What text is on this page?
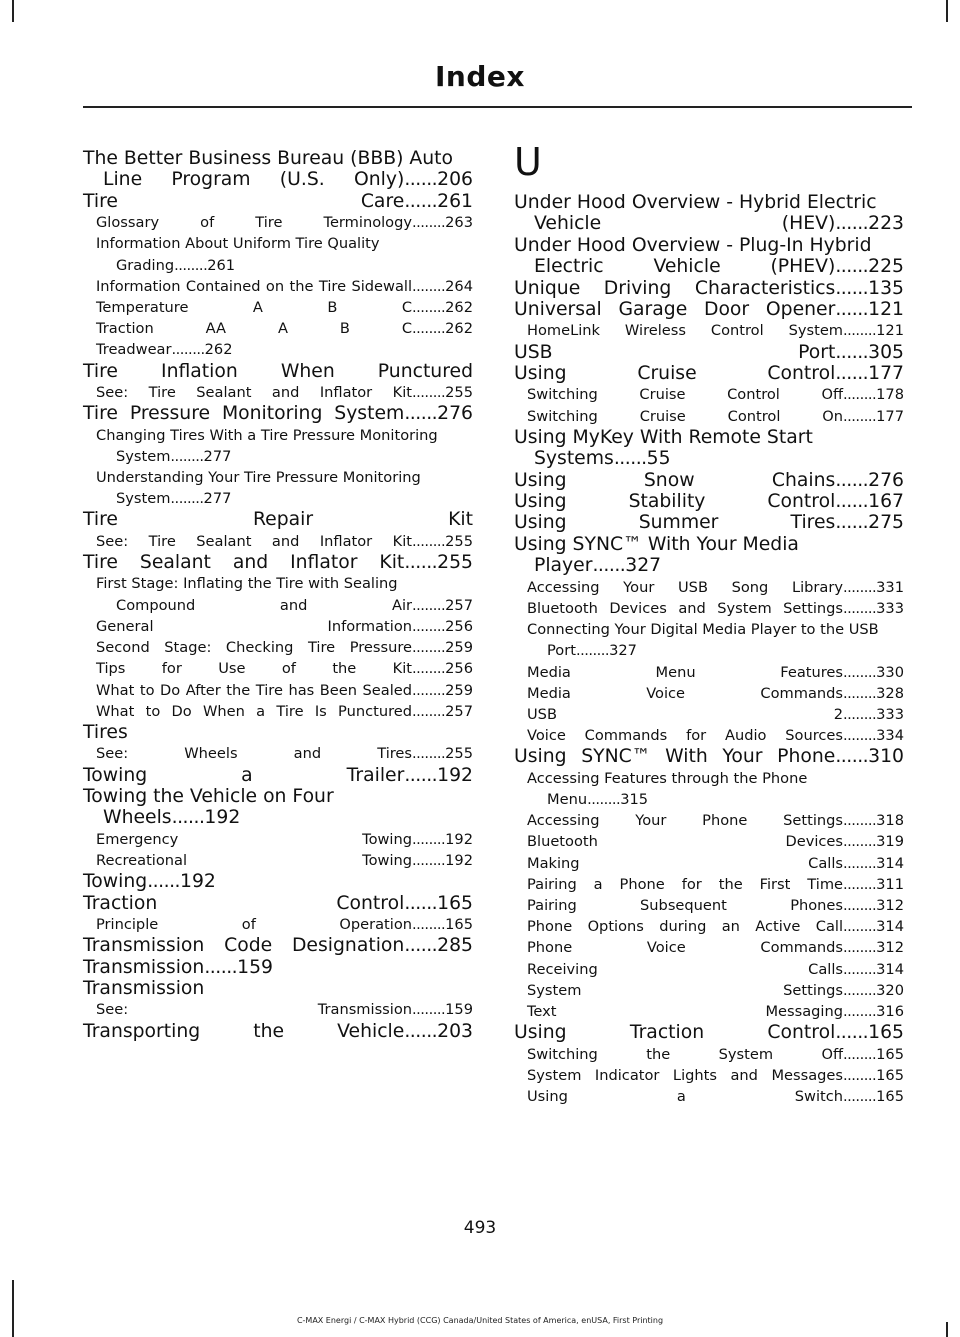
Index
The Better Business Bureau (BBB) Auto Line Program (U.S. Only)......206
Tire Care......261
Glossary of Tire Terminology........263
Information About Uniform Tire Quality Grading........261
Information Contained on the Tire Sidewall........264
Temperature A B C........262
Traction AA A B C........262
Treadwear........262
Tire Inflation When Punctured
See: Tire Sealant and Inflator Kit........255
Tire Pressure Monitoring System......276
Changing Tires With a Tire Pressure Monitoring System........277
Understanding Your Tire Pressure Monitoring System........277
Tire Repair Kit
See: Tire Sealant and Inflator Kit........255
Tire Sealant and Inflator Kit......255
First Stage: Inflating the Tire with Sealing Compound and Air........257
General Information........256
Second Stage: Checking Tire Pressure........259
Tips for Use of the Kit........256
What to Do After the Tire has Been Sealed........259
What to Do When a Tire Is Punctured........257
Tires
See: Wheels and Tires........255
Towing a Trailer......192
Towing the Vehicle on Four Wheels......192
Emergency Towing........192
Recreational Towing........192
Towing......192
Traction Control......165
Principle of Operation........165
Transmission Code Designation......285
Transmission......159
Transmission
See: Transmission........159
Transporting the Vehicle......203
U
Under Hood Overview - Hybrid Electric Vehicle (HEV)......223
Under Hood Overview - Plug-In Hybrid Electric Vehicle (PHEV)......225
Unique Driving Characteristics......135
Universal Garage Door Opener......121
HomeLink Wireless Control System........121
USB Port......305
Using Cruise Control......177
Switching Cruise Control Off........178
Switching Cruise Control On........177
Using MyKey With Remote Start Systems......55
Using Snow Chains......276
Using Stability Control......167
Using Summer Tires......275
Using SYNC™ With Your Media Player......327
Accessing Your USB Song Library........331
Bluetooth Devices and System Settings........333
Connecting Your Digital Media Player to the USB Port........327
Media Menu Features........330
Media Voice Commands........328
USB 2........333
Voice Commands for Audio Sources........334
Using SYNC™ With Your Phone......310
Accessing Features through the Phone Menu........315
Accessing Your Phone Settings........318
Bluetooth Devices........319
Making Calls........314
Pairing a Phone for the First Time........311
Pairing Subsequent Phones........312
Phone Options during an Active Call........314
Phone Voice Commands........312
Receiving Calls........314
System Settings........320
Text Messaging........316
Using Traction Control......165
Switching the System Off........165
System Indicator Lights and Messages........165
Using a Switch........165
493
C-MAX Energi / C-MAX Hybrid (CCG) Canada/United States of America, enUSA, First Printing
